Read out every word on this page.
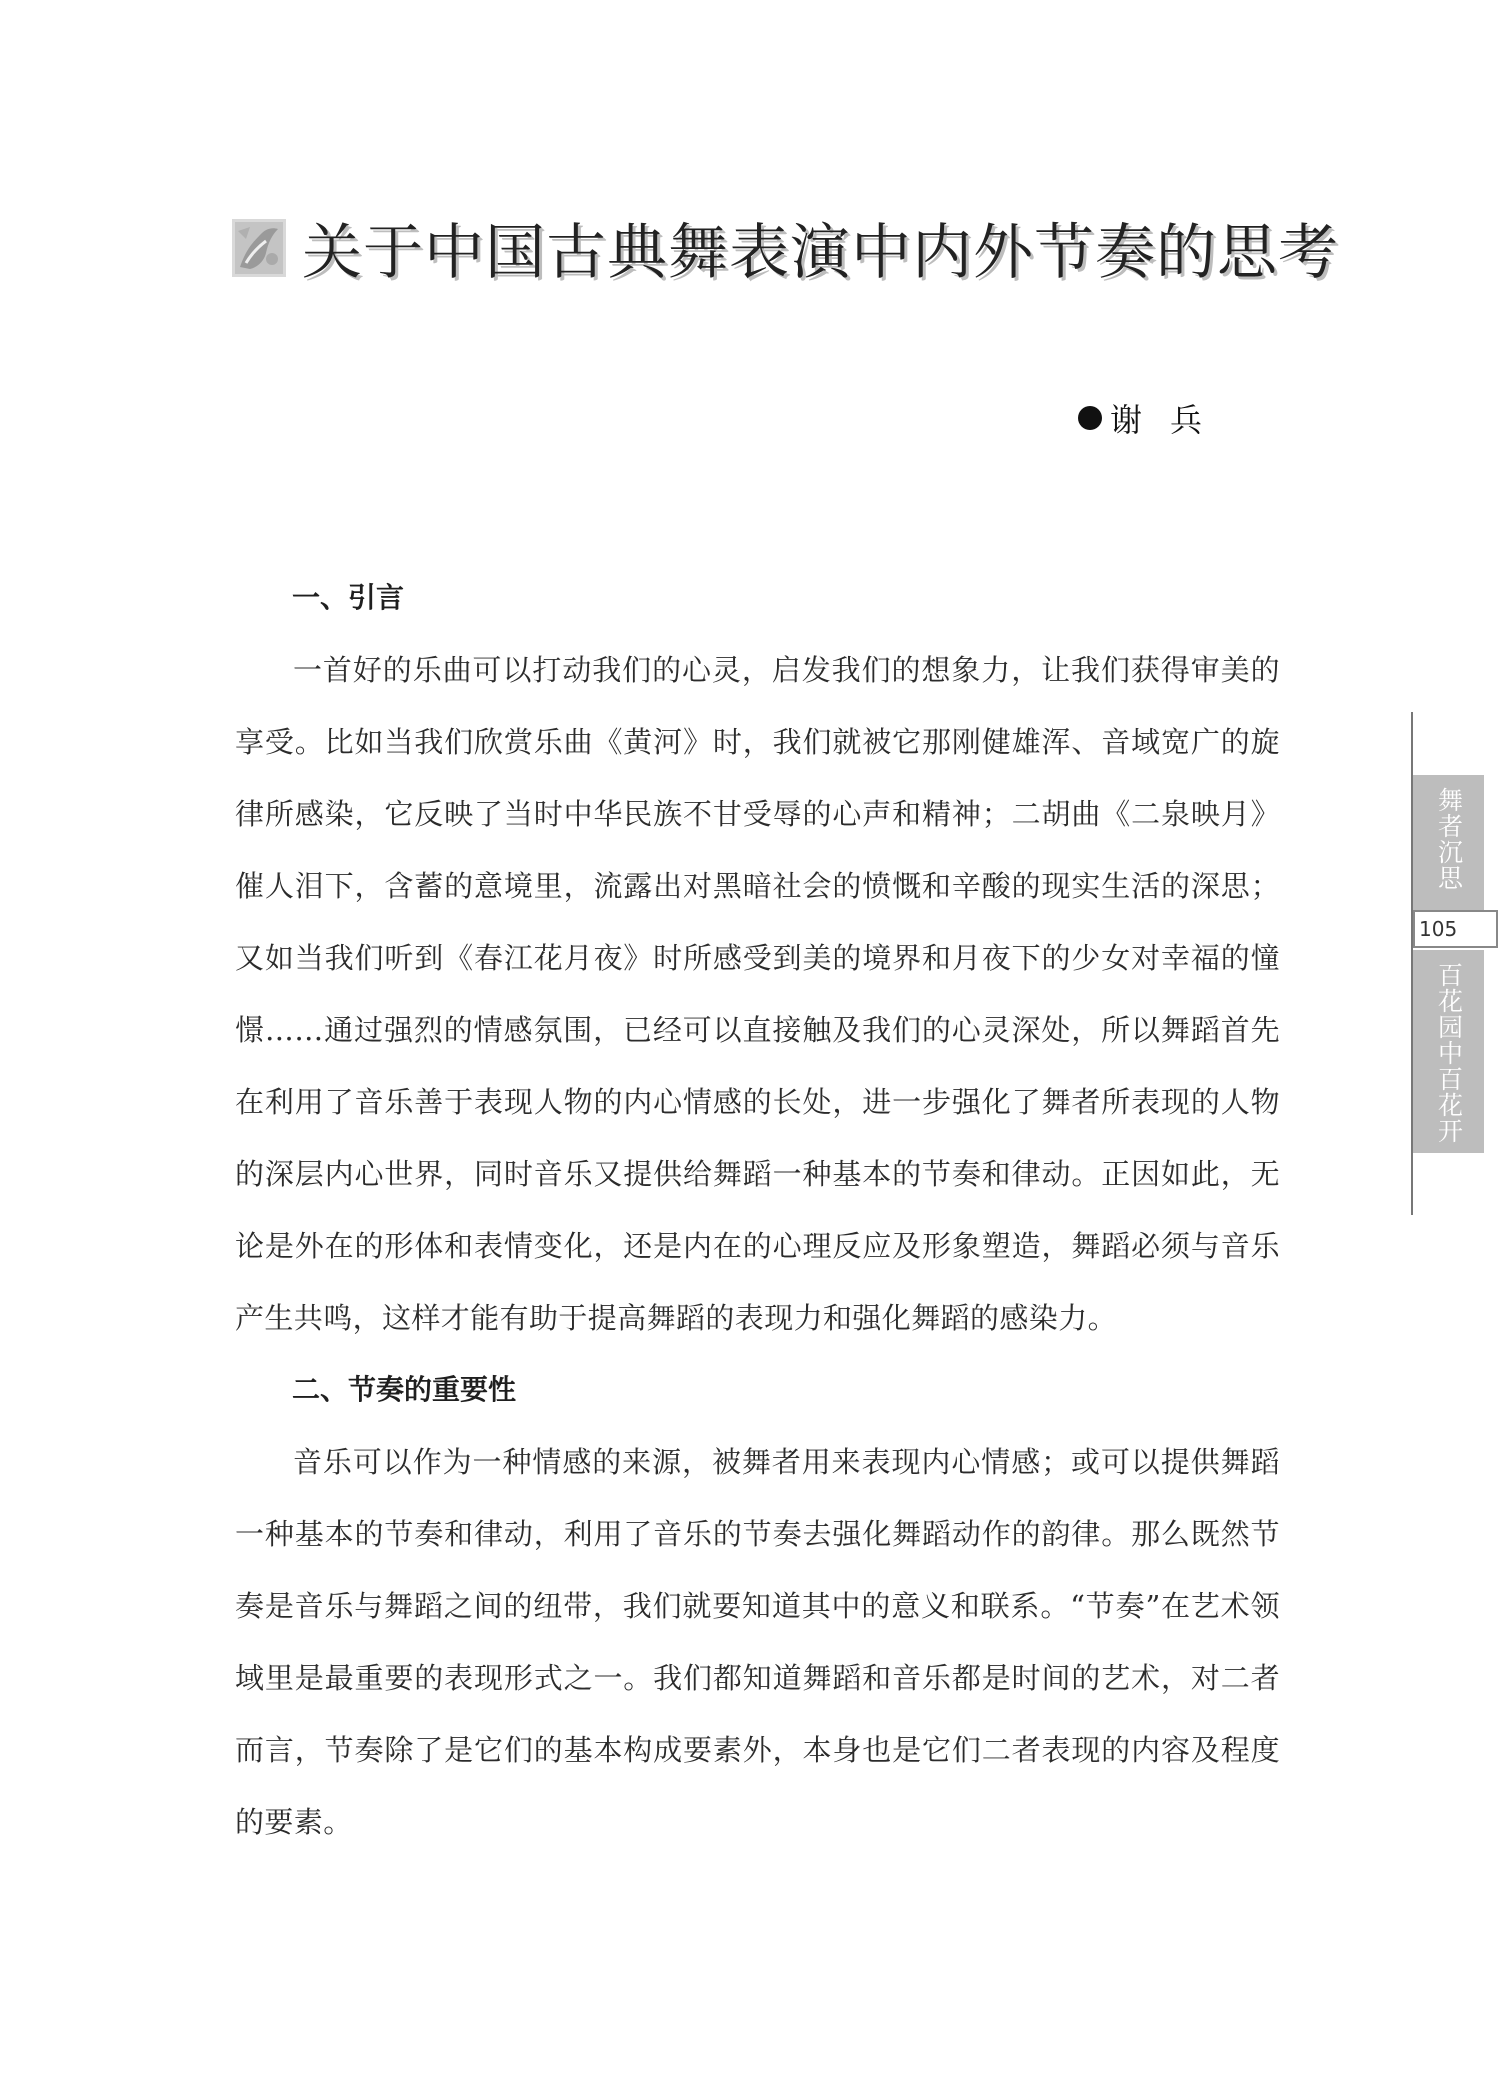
关于中国古典舞表演中内外节奏的思考
谢兵
一、引言

一首好的乐曲可以打动我们的心灵，启发我们的想象力，让我们获得审美的享受。比如当我们欣赏乐曲《黄河》时，我们就被它那刚健雄浑、音域宽广的旋律所感染，它反映了当时中华民族不甘受辱的心声和精神；二胡曲《二泉映月》催人泪下，含蓄的意境里，流露出对黑暗社会的愤慨和辛酸的现实生活的深思；又如当我们听到《春江花月夜》时所感受到美的境界和月夜下的少女对幸福的憧憬……通过强烈的情感氛围，已经可以直接触及我们的心灵深处，所以舞蹈首先在利用了音乐善于表现人物的内心情感的长处，进一步强化了舞者所表现的人物的深层内心世界，同时音乐又提供给舞蹈一种基本的节奏和律动。正因如此，无论是外在的形体和表情变化，还是内在的心理反应及形象塑造，舞蹈必须与音乐产生共鸣，这样才能有助于提高舞蹈的表现力和强化舞蹈的感染力。

二、节奏的重要性

音乐可以作为一种情感的来源，被舞者用来表现内心情感；或可以提供舞蹈一种基本的节奏和律动，利用了音乐的节奏去强化舞蹈动作的韵律。那么既然节奏是音乐与舞蹈之间的纽带，我们就要知道其中的意义和联系。“节奏”在艺术领域里是最重要的表现形式之一。我们都知道舞蹈和音乐都是时间的艺术，对二者而言，节奏除了是它们的基本构成要素外，本身也是它们二者表现的内容及程度的要素。

舞者沉思
105
百花园中百花开
